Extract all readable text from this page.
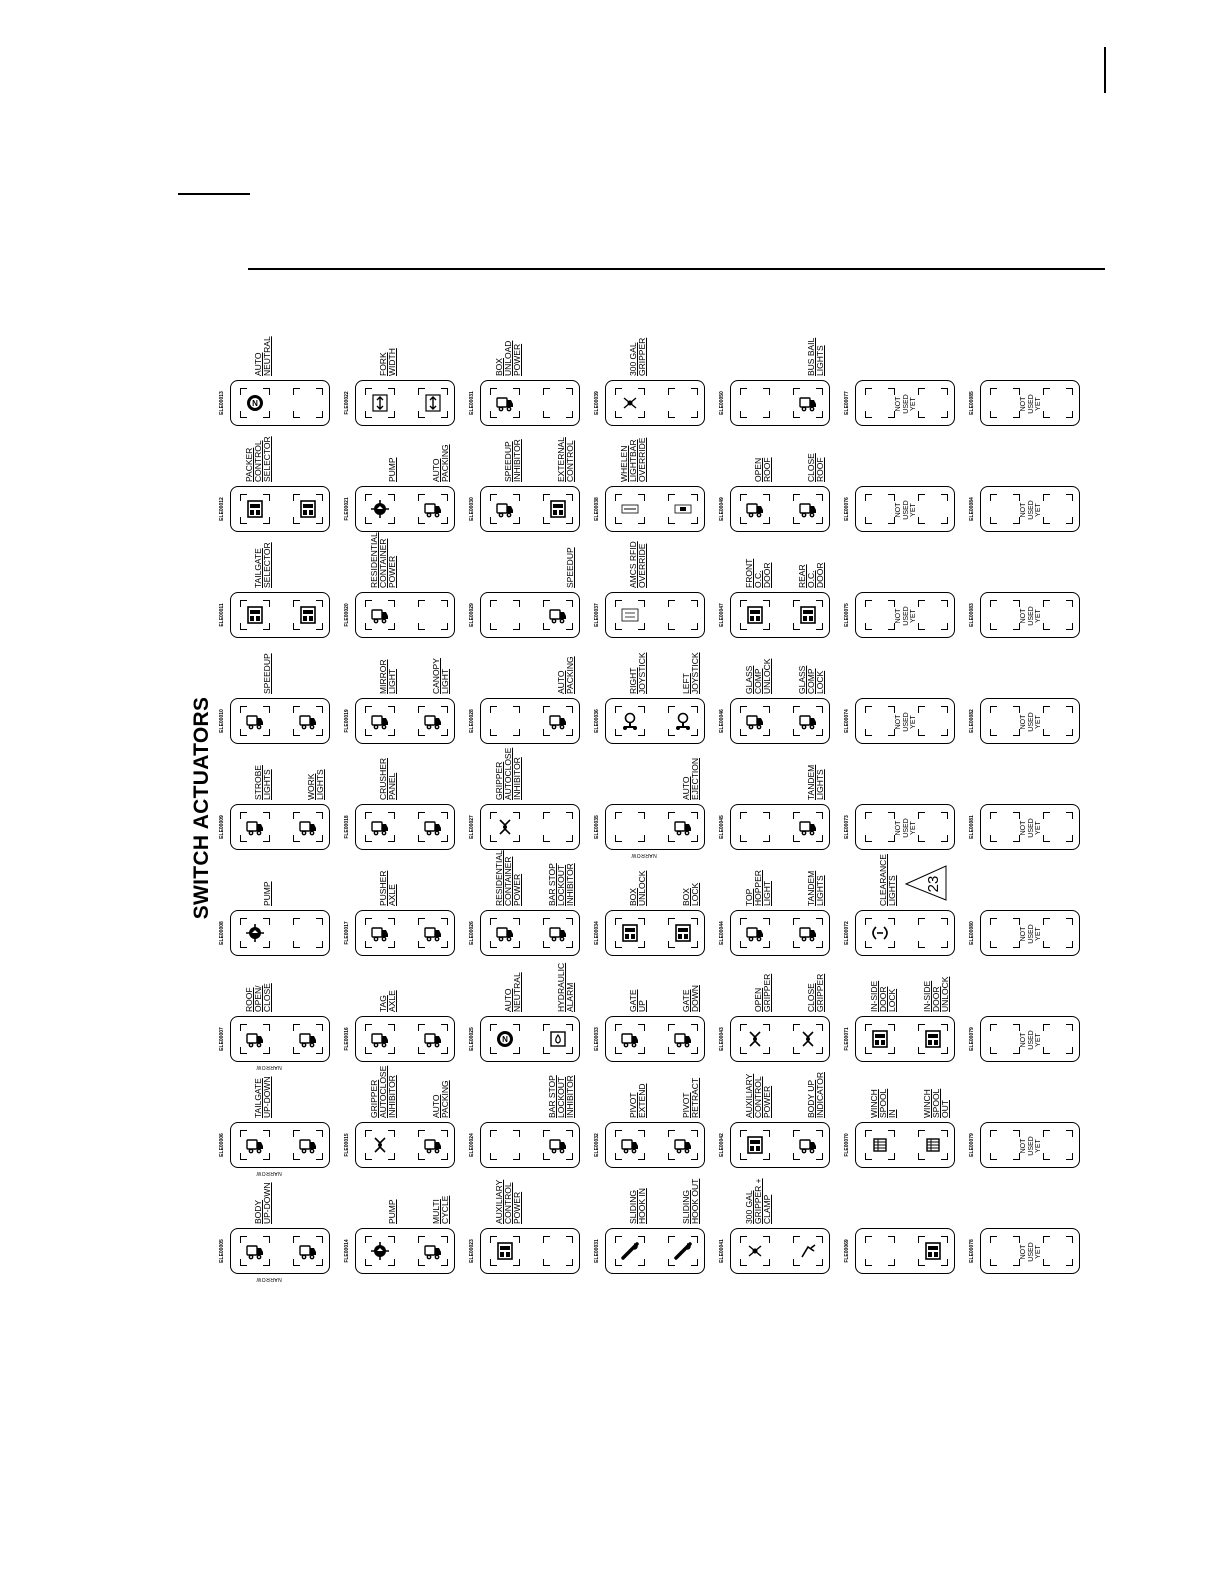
SWITCH ACTUATORS
ELE00013	N
AUTO
NEUTRAL
ELE00012
PACKER
CONTROL
SELECTOR
ELE00011
TAILGATE
SELECTOR
ELE00010
SPEEDUP
ELE00009
STROBE
LIGHTS	WORK
LIGHTS
ELE00008
PUMP
ELE00007
NARROW
ROOF
OPEN/
CLOSE
ELE00006
NARROW
TAILGATE
UP-DOWN
ELE00005
NARROW
BODY
UP-DOWN
FLE00022
FORK
WIDTH
FLE00021
PUMP	AUTO
PACKING
FLE00020
RESIDENTIAL
CONTAINER
POWER
FLE00019
MIRROR
LIGHT	CANOPY
LIGHT
FLE00018
CRUSHER
PANEL
FLE00017
PUSHER
AXLE
FLE00016
TAG
AXLE
FLE00015
GRIPPER
AUTOCLOSE
INHIBITOR	AUTO
PACKING
FLE00014
PUMP	MULTI
CYCLE
ELE00031
BOX
UNLOAD
POWER
ELE00030
SPEEDUP
INHIBITOR	EXTERNAL
CONTROL
ELE00029
SPEEDUP
ELE00028
AUTO
PACKING
ELE00027
GRIPPER
AUTOCLOSE
INHIBITOR
ELE00026
RESIDENTIAL
CONTAINER
POWER	BAR STOP
LOCKOUT
INHIBITOR
ELE00025	N
AUTO
NEUTRAL	HYDRAULIC
ALARM
ELE00024
BAR STOP
LOCKOUT
INHIBITOR
ELE00023
AUXILIARY
CONTROL
POWER
ELE00039
300 GAL
GRIPPER
ELE00038
WHELEN
LIGHTBAR
OVERRIDE
ELE00037
AMCS RFID
OVERRIDE
ELE00036
RIGHT
JOYSTICK	LEFT
JOYSTICK
ELE00035
NARROW
AUTO
EJECTION
ELE00034
BOX
UNLOCK	BOX
LOCK
ELE00033
GATE
UP	GATE
DOWN
ELE00032
PIVOT
EXTEND	PIVOT
RETRACT
ELE00031
SLIDING
HOOK IN	SLIDING
HOOK OUT
ELE00050
BUS BAIL
LIGHTS
ELE00049
OPEN
ROOF	CLOSE
ROOF
ELE00047
FRONT
O.C.
DOOR	REAR
O.C.
DOOR
ELE00046
GLASS
COMP
UNLOCK	GLASS
COMP
LOCK
ELE00045
TANDEM
LIGHTS
ELE00044
TOP
HOPPER
LIGHT	TANDEM
LIGHTS
ELE00043
OPEN
GRIPPER	CLOSE
GRIPPER
ELE00042
AUXILIARY
CONTROL
POWER	BODY UP
INDICATOR
ELE00041
300 GAL
GRIPPER +
CLAMP
ELE00077	NOT
USED
YET
ELE00076	NOT
USED
YET
ELE00075	NOT
USED
YET
ELE00074	NOT
USED
YET
ELE00073	NOT
USED
YET
ELE00072
CLEARANCE
LIGHTS
FLE00071
IN-SIDE
DOOR
LOCK	IN-SIDE
DOOR
UNLOCK
FLE00070
WINCH
SPOOL
IN	WINCH
SPOOL
OUT
FLE00069
ELE00085	NOT
USED
YET
ELE00084	NOT
USED
YET
ELE00083	NOT
USED
YET
ELE00082	NOT
USED
YET
ELE00081	NOT
USED
YET
ELE00080	NOT
USED
YET
ELE00079	NOT
USED
YET
ELE00079	NOT
USED
YET
ELE00078	NOT
USED
YET
23
